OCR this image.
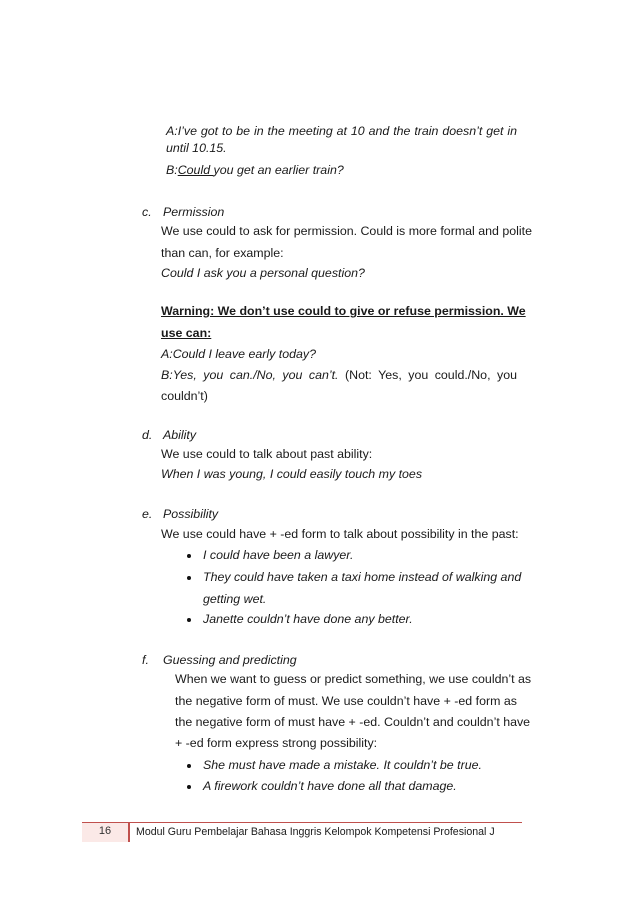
A:I’ve got to be in the meeting at 10 and the train doesn’t get in
until 10.15.
B:Could you get an earlier train?
c. Permission
We use could to ask for permission. Could is more formal and polite
than can, for example:
Could I ask you a personal question?
Warning: We don’t use could to give or refuse permission. We
use can:
A:Could I leave early today?
B:Yes, you can./No, you can’t. (Not: Yes, you could./No, you
couldn’t)
d. Ability
We use could to talk about past ability:
When I was young, I could easily touch my toes
e. Possibility
We use could have + -ed form to talk about possibility in the past:
I could have been a lawyer.
They could have taken a taxi home instead of walking and
getting wet.
Janette couldn’t have done any better.
f. Guessing and predicting
When we want to guess or predict something, we use couldn’t as
the negative form of must. We use couldn’t have + -ed form as
the negative form of must have + -ed. Couldn’t and couldn’t have
+ -ed form express strong possibility:
She must have made a mistake. It couldn’t be true.
A firework couldn’t have done all that damage.
16	Modul Guru Pembelajar Bahasa Inggris Kelompok Kompetensi Profesional J
